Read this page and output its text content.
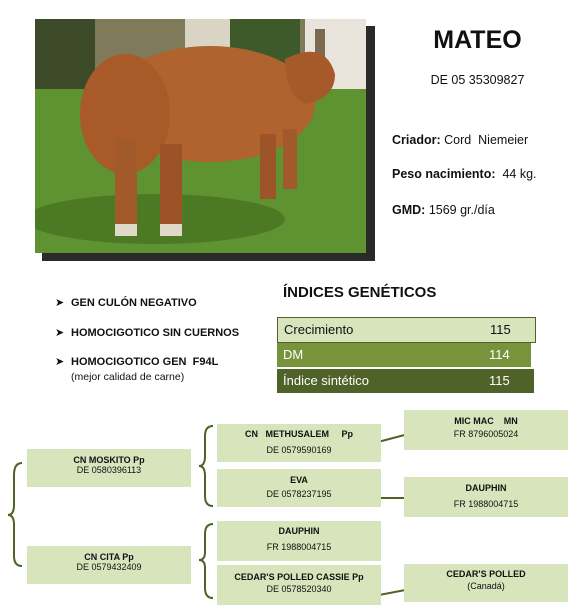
MATEO
DE 05 35309827
Criador: Cord  Niemeier
Peso nacimiento: 44 kg.
GMD: 1569 gr./día
➤ GEN CULÓN NEGATIVO
➤ HOMOCIGOTICO SIN CUERNOS
➤ HOMOCIGOTICO GEN  F94L
(mejor calidad de carne)
ÍNDICES GENÉTICOS
Crecimiento	115
DM	114
Índice sintético	115
CN MOSKITO Pp
DE 0580396113
CN CITA Pp
DE 0579432409
CN   METHUSALEM     Pp
DE 0579590169
EVA
DE 0578237195
DAUPHIN
FR 1988004715
CEDAR'S POLLED CASSIE Pp
DE 0578520340
MIC MAC    MN
FR 8796005024
DAUPHIN
FR 1988004715
CEDAR'S POLLED
(Canadá)
